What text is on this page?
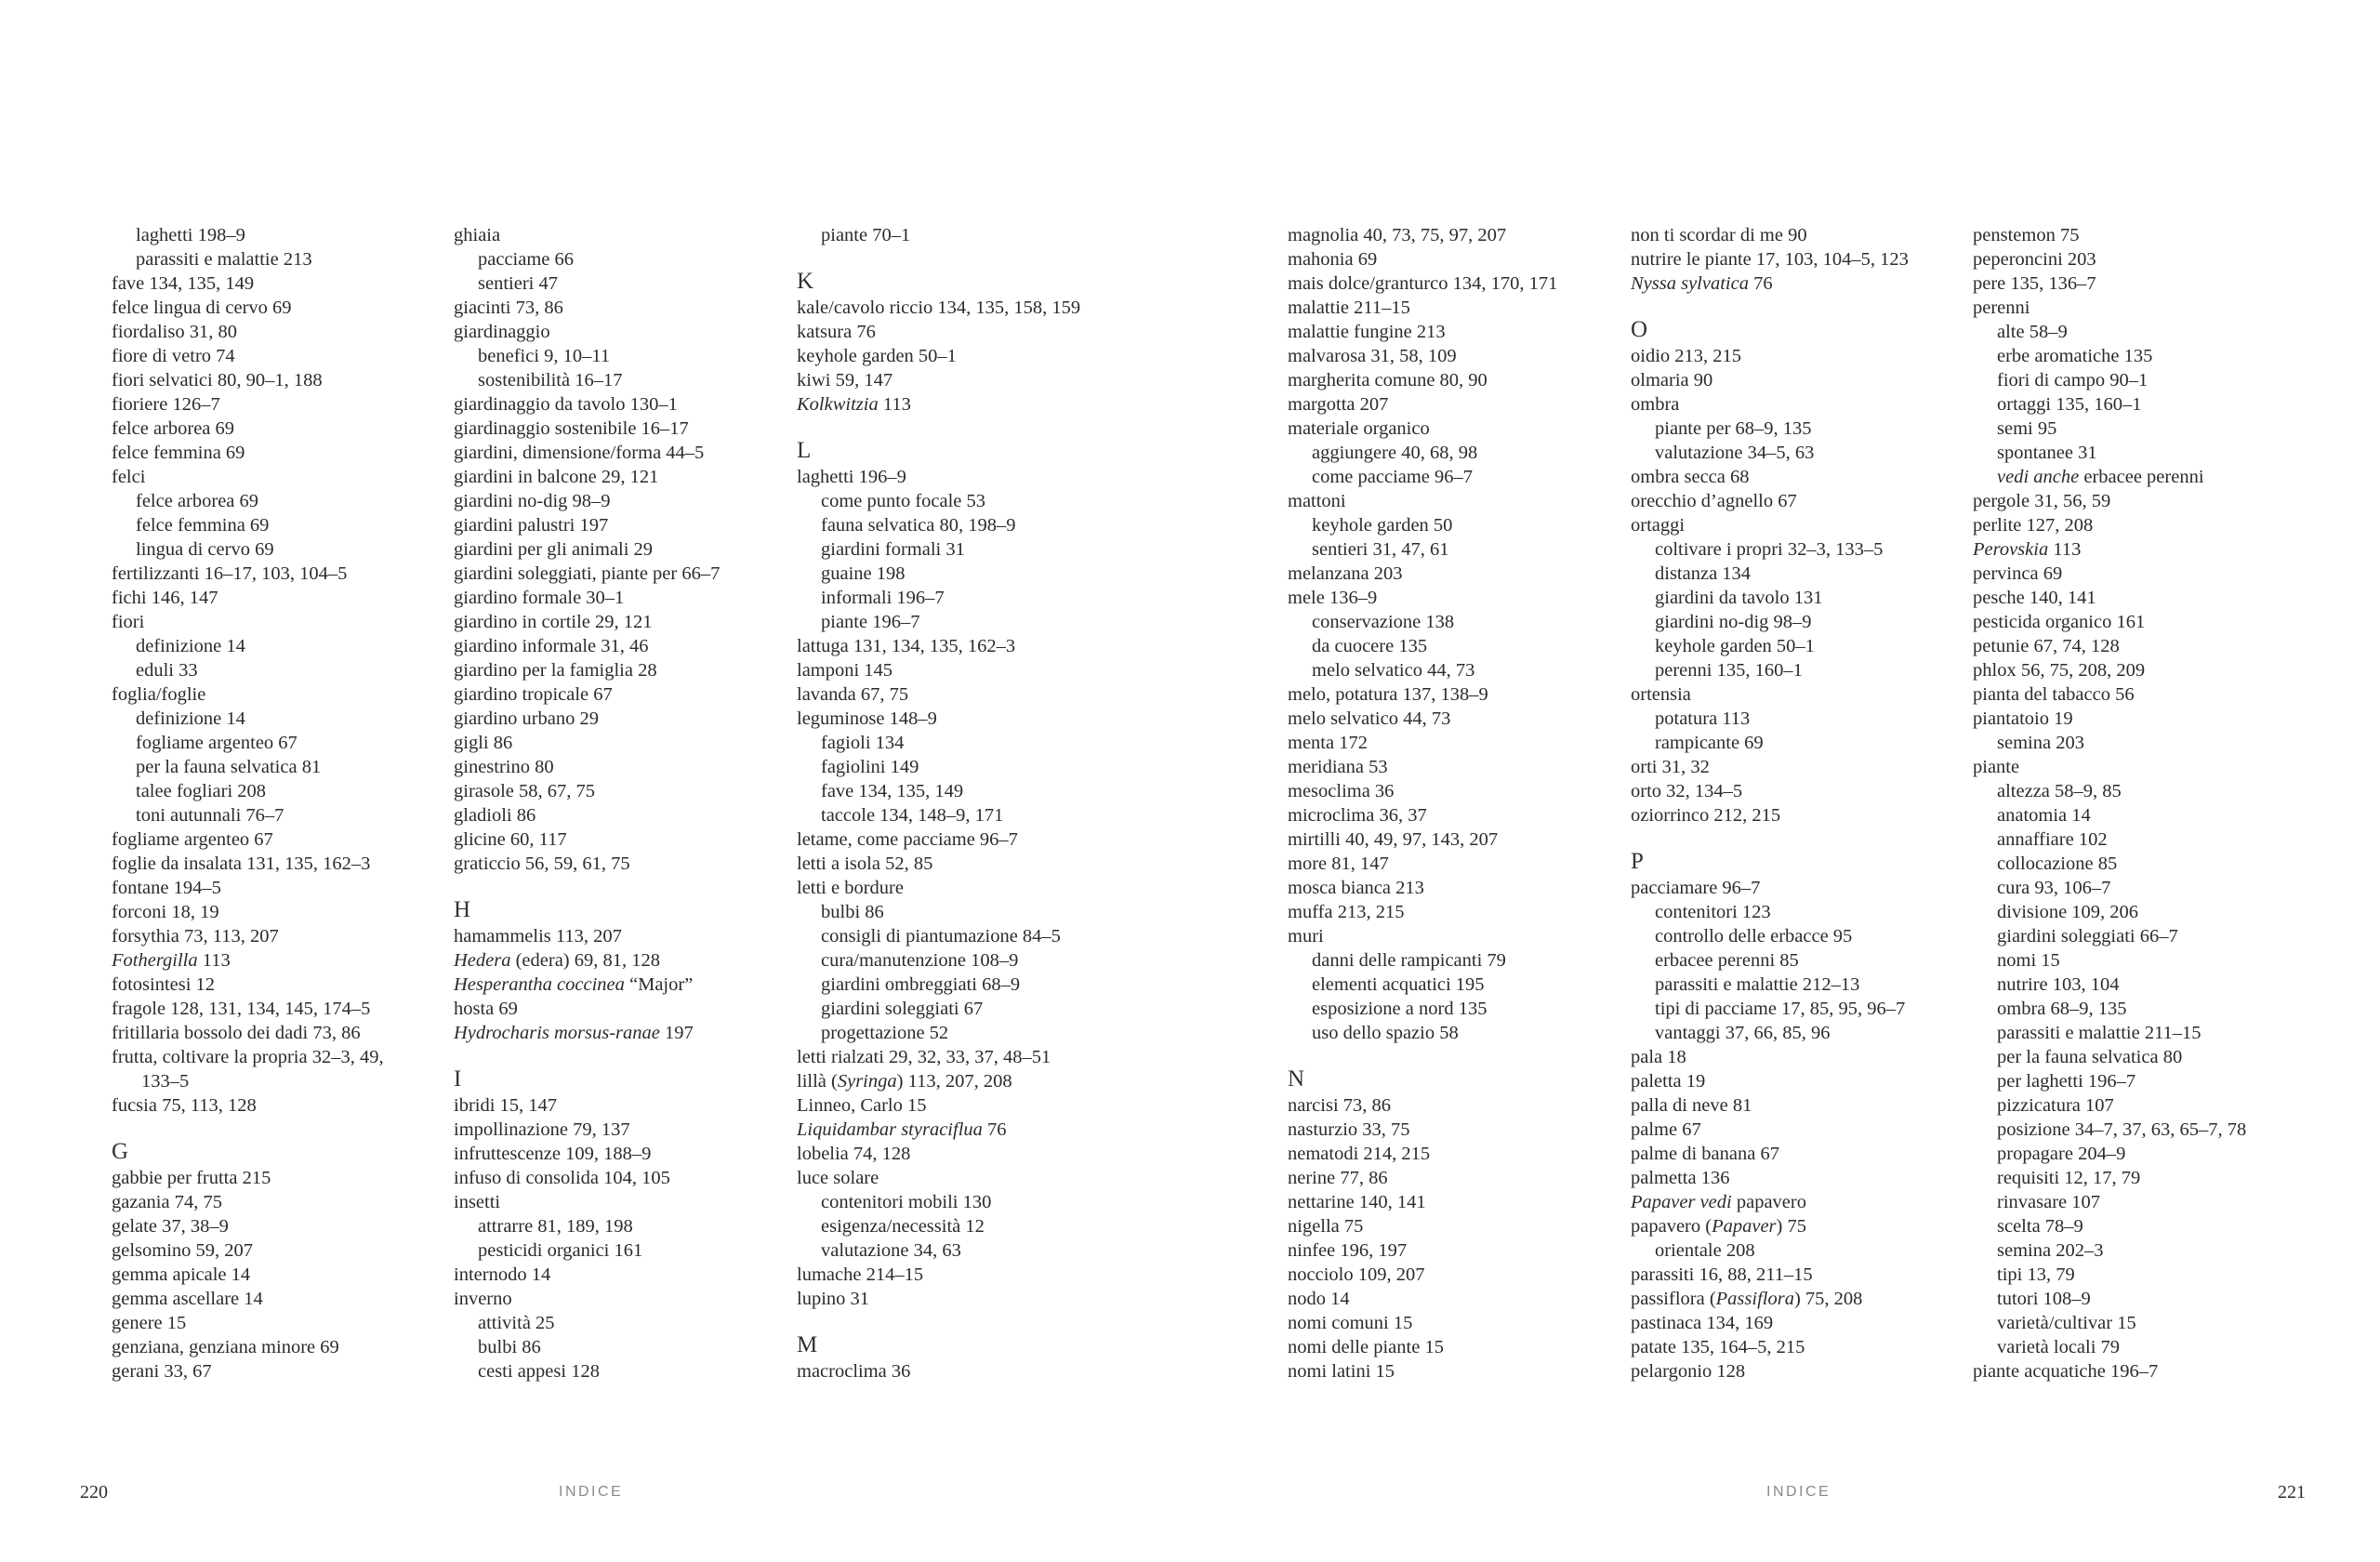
laghetti 198–9
parassiti e malattie 213
fave 134, 135, 149
felce lingua di cervo 69
fiordaliso 31, 80
fiore di vetro 74
fiori selvatici 80, 90–1, 188
fioriere 126–7
felce arborea 69
felce femmina 69
felci
felce arborea 69
felce femmina 69
lingua di cervo 69
fertilizzanti 16–17, 103, 104–5
fichi 146, 147
fiori
definizione 14
eduli 33
foglia/foglie
definizione 14
fogliame argenteo 67
per la fauna selvatica 81
talee fogliari 208
toni autunnali 76–7
fogliame argenteo 67
foglie da insalata 131, 135, 162–3
fontane 194–5
forconi 18, 19
forsythia 73, 113, 207
Fothergilla 113
fotosintesi 12
fragole 128, 131, 134, 145, 174–5
fritillaria bossolo dei dadi 73, 86
frutta, coltivare la propria 32–3, 49,
133–5
fucsia 75, 113, 128
G
gabbie per frutta 215
gazania 74, 75
gelate 37, 38–9
gelsomino 59, 207
gemma apicale 14
gemma ascellare 14
genere 15
genziana, genziana minore 69
gerani 33, 67
ghiaia
pacciame 66
sentieri 47
giacinti 73, 86
giardinaggio
benefici 9, 10–11
sostenibilità 16–17
giardinaggio da tavolo 130–1
giardinaggio sostenibile 16–17
giardini, dimensione/forma 44–5
giardini in balcone 29, 121
giardini no-dig 98–9
giardini palustri 197
giardini per gli animali 29
giardini soleggiati, piante per 66–7
giardino formale 30–1
giardino in cortile 29, 121
giardino informale 31, 46
giardino per la famiglia 28
giardino tropicale 67
giardino urbano 29
gigli 86
ginestrino 80
girasole 58, 67, 75
gladioli 86
glicine 60, 117
graticcio 56, 59, 61, 75
H
hamammelis 113, 207
Hedera (edera) 69, 81, 128
Hesperantha coccinea “Major”
hosta 69
Hydrocharis morsus-ranae 197
I
ibridi 15, 147
impollinazione 79, 137
infruttescenze 109, 188–9
infuso di consolida 104, 105
insetti
attrarre 81, 189, 198
pesticidi organici 161
internodo 14
inverno
attività 25
bulbi 86
cesti appesi 128
piante 70–1
K
kale/cavolo riccio 134, 135, 158, 159
katsura 76
keyhole garden 50–1
kiwi 59, 147
Kolkwitzia 113
L
laghetti 196–9
come punto focale 53
fauna selvatica 80, 198–9
giardini formali 31
guaine 198
informali 196–7
piante 196–7
lattuga 131, 134, 135, 162–3
lamponi 145
lavanda 67, 75
leguminose 148–9
fagioli 134
fagiolini 149
fave 134, 135, 149
taccole 134, 148–9, 171
letame, come pacciame 96–7
letti a isola 52, 85
letti e bordure
bulbi 86
consigli di piantumazione 84–5
cura/manutenzione 108–9
giardini ombreggiati 68–9
giardini soleggiati 67
progettazione 52
letti rialzati 29, 32, 33, 37, 48–51
lillà (Syringa) 113, 207, 208
Linneo, Carlo 15
Liquidambar styraciflua 76
lobelia 74, 128
luce solare
contenitori mobili 130
esigenza/necessità 12
valutazione 34, 63
lumache 214–15
lupino 31
M
macroclima 36
220	INDICE
magnolia 40, 73, 75, 97, 207
mahonia 69
mais dolce/granturco 134, 170, 171
malattie 211–15
malattie fungine 213
malvarosa 31, 58, 109
margherita comune 80, 90
margotta 207
materiale organico
aggiungere 40, 68, 98
come pacciame 96–7
mattoni
keyhole garden 50
sentieri 31, 47, 61
melanzana 203
mele 136–9
conservazione 138
da cuocere 135
melo selvatico 44, 73
melo, potatura 137, 138–9
melo selvatico 44, 73
menta 172
meridiana 53
mesoclima 36
microclima 36, 37
mirtilli 40, 49, 97, 143, 207
more 81, 147
mosca bianca 213
muffa 213, 215
muri
danni delle rampicanti 79
elementi acquatici 195
esposizione a nord 135
uso dello spazio 58
N
narcisi 73, 86
nasturzio 33, 75
nematodi 214, 215
nerine 77, 86
nettarine 140, 141
nigella 75
ninfee 196, 197
nocciolo 109, 207
nodo 14
nomi comuni 15
nomi delle piante 15
nomi latini 15
non ti scordar di me 90
nutrire le piante 17, 103, 104–5, 123
Nyssa sylvatica 76
O
oidio 213, 215
olmaria 90
ombra
piante per 68–9, 135
valutazione 34–5, 63
ombra secca 68
orecchio d’agnello 67
ortaggi
coltivare i propri 32–3, 133–5
distanza 134
giardini da tavolo 131
giardini no-dig 98–9
keyhole garden 50–1
perenni 135, 160–1
ortensia
potatura 113
rampicante 69
orti 31, 32
orto 32, 134–5
oziorrinco 212, 215
P
pacciamare 96–7
contenitori 123
controllo delle erbacce 95
erbacee perenni 85
parassiti e malattie 212–13
tipi di pacciame 17, 85, 95, 96–7
vantaggi 37, 66, 85, 96
pala 18
paletta 19
palla di neve 81
palme 67
palme di banana 67
palmetta 136
Papaver vedi papavero
papavero (Papaver) 75
orientale 208
parassiti 16, 88, 211–15
passiflora (Passiflora) 75, 208
pastinaca 134, 169
patate 135, 164–5, 215
pelargonio 128
penstemon 75
peperoncini 203
pere 135, 136–7
perenni
alte 58–9
erbe aromatiche 135
fiori di campo 90–1
ortaggi 135, 160–1
semi 95
spontanee 31
vedi anche erbacee perenni
pergole 31, 56, 59
perlite 127, 208
Perovskia 113
pervinca 69
pesche 140, 141
pesticida organico 161
petunie 67, 74, 128
phlox 56, 75, 208, 209
pianta del tabacco 56
piantatoio 19
semina 203
piante
altezza 58–9, 85
anatomia 14
annaffiare 102
collocazione 85
cura 93, 106–7
divisione 109, 206
giardini soleggiati 66–7
nomi 15
nutrire 103, 104
ombra 68–9, 135
parassiti e malattie 211–15
per la fauna selvatica 80
per laghetti 196–7
pizzicatura 107
posizione 34–7, 37, 63, 65–7, 78
propagare 204–9
requisiti 12, 17, 79
rinvasare 107
scelta 78–9
semina 202–3
tipi 13, 79
tutori 108–9
varietà/cultivar 15
varietà locali 79
piante acquatiche 196–7
INDICE	221
